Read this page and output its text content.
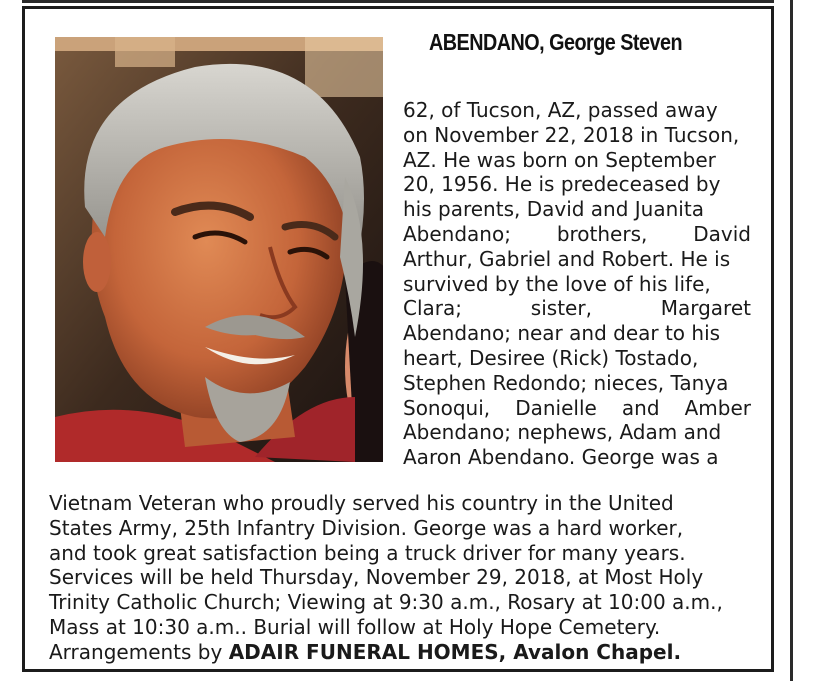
ABENDANO, George Steven
62, of Tucson, AZ, passed away
on November 22, 2018 in Tucson,
AZ. He was born on September
20, 1956. He is predeceased by
his parents, David and Juanita
Abendano; brothers, David
Arthur, Gabriel and Robert. He is
survived by the love of his life,
Clara;	sister,	Margaret
Abendano; near and dear to his
heart, Desiree (Rick) Tostado,
Stephen Redondo; nieces, Tanya
Sonoqui, Danielle and Amber
Abendano; nephews, Adam and
Aaron Abendano. George was a
Vietnam Veteran who proudly served his country in the United
States Army, 25th Infantry Division. George was a hard worker,
and took great satisfaction being a truck driver for many years.
Services will be held Thursday, November 29, 2018, at Most Holy
Trinity Catholic Church; Viewing at 9:30 a.m., Rosary at 10:00 a.m.,
Mass at 10:30 a.m.. Burial will follow at Holy Hope Cemetery.
Arrangements by ADAIR FUNERAL HOMES, Avalon Chapel.
